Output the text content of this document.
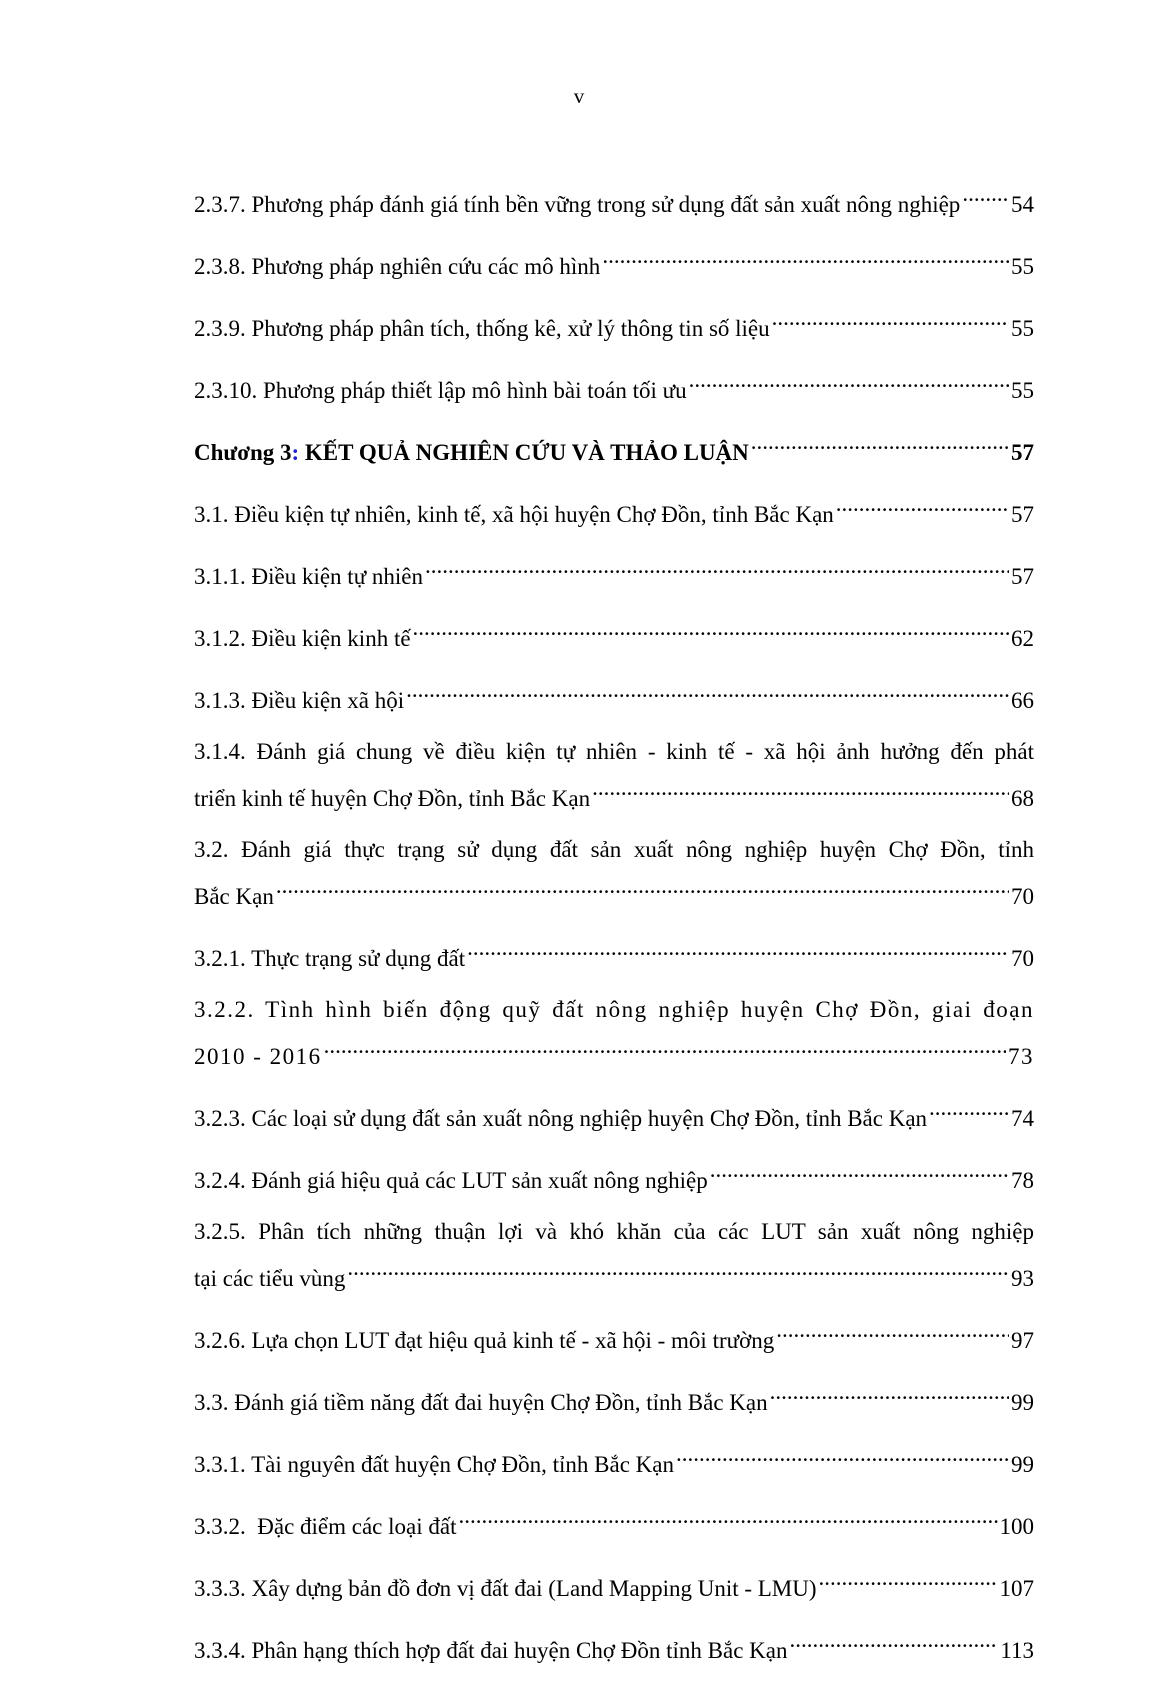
v
2.3.7. Phương pháp đánh giá tính bền vững trong sử dụng đất sản xuất nông nghiệp ..... 54
2.3.8. Phương pháp nghiên cứu các mô hình .....	55
2.3.9. Phương pháp phân tích, thống kê, xử lý thông tin số liệu .....	55
2.3.10. Phương pháp thiết lập mô hình bài toán tối ưu .....	55
Chương 3: KẾT QUẢ NGHIÊN CỨU VÀ THẢO LUẬN .....	57
3.1. Điều kiện tự nhiên, kinh tế, xã hội huyện Chợ Đồn, tỉnh Bắc Kạn .....	57
3.1.1. Điều kiện tự nhiên .....	57
3.1.2. Điều kiện kinh tế .....	62
3.1.3. Điều kiện xã hội .....	66
3.1.4. Đánh giá chung về điều kiện tự nhiên - kinh tế - xã hội ảnh hưởng đến phát
triển kinh tế huyện Chợ Đồn, tỉnh Bắc Kạn .....	68
3.2. Đánh giá thực trạng sử dụng đất sản xuất nông nghiệp huyện Chợ Đồn, tỉnh
Bắc Kạn .....	70
3.2.1. Thực trạng sử dụng đất .....	70
3.2.2. Tình hình biến động quỹ đất nông nghiệp huyện Chợ Đồn, giai đoạn
2010 - 2016 .....	73
3.2.3. Các loại sử dụng đất sản xuất nông nghiệp huyện Chợ Đồn, tỉnh Bắc Kạn .....	74
3.2.4. Đánh giá hiệu quả các LUT sản xuất nông nghiệp .....	78
3.2.5. Phân tích những thuận lợi và khó khăn của các LUT sản xuất nông nghiệp
tại các tiểu vùng .....	93
3.2.6. Lựa chọn LUT đạt hiệu quả kinh tế - xã hội - môi trường .....	97
3.3. Đánh giá tiềm năng đất đai huyện Chợ Đồn, tỉnh Bắc Kạn .....	99
3.3.1. Tài nguyên đất huyện Chợ Đồn, tỉnh Bắc Kạn .....	99
3.3.2.  Đặc điểm các loại đất .....	100
3.3.3. Xây dựng bản đồ đơn vị đất đai (Land Mapping Unit - LMU) .....	107
3.3.4. Phân hạng thích hợp đất đai huyện Chợ Đồn tỉnh Bắc Kạn .....	113
